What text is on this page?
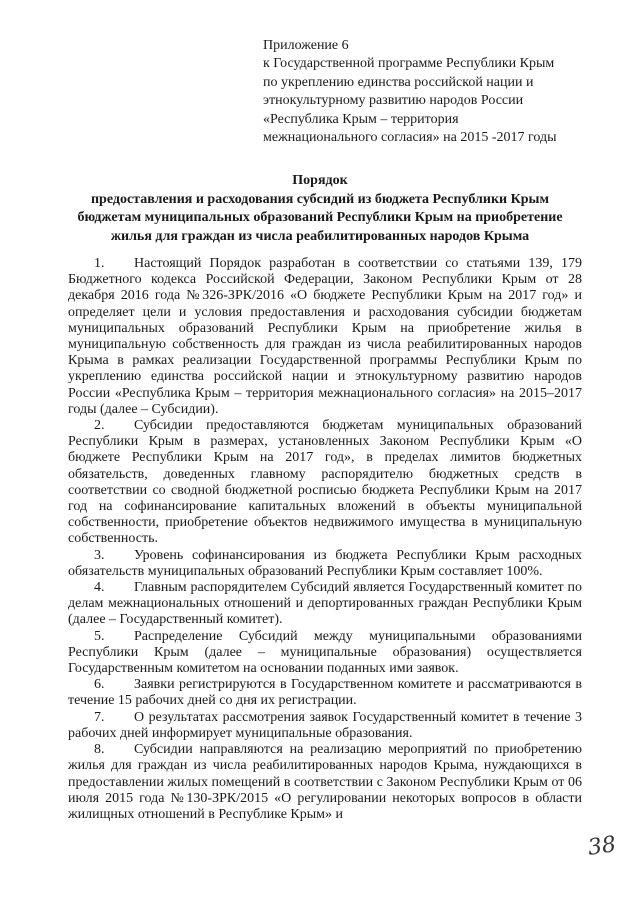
Приложение 6
к Государственной программе Республики Крым
по укреплению единства российской нации и
этнокультурному развитию народов России
«Республика Крым – территория
межнационального согласия» на 2015 -2017 годы
Порядок
предоставления и расходования субсидий из бюджета Республики Крым
бюджетам муниципальных образований Республики Крым на приобретение
жилья для граждан из числа реабилитированных народов Крыма

1. Настоящий Порядок разработан в соответствии со статьями 139, 179 Бюджетного кодекса Российской Федерации, Законом Республики Крым от 28 декабря 2016 года №326-ЗРК/2016 «О бюджете Республики Крым на 2017 год» и определяет цели и условия предоставления и расходования субсидии бюджетам муниципальных образований Республики Крым на приобретение жилья в муниципальную собственность для граждан из числа реабилитированных народов Крыма в рамках реализации Государственной программы Республики Крым по укреплению единства российской нации и этнокультурному развитию народов России «Республика Крым – территория межнационального согласия» на 2015–2017 годы (далее – Субсидии).

2. Субсидии предоставляются бюджетам муниципальных образований Республики Крым в размерах, установленных Законом Республики Крым «О бюджете Республики Крым на 2017 год», в пределах лимитов бюджетных обязательств, доведенных главному распорядителю бюджетных средств в соответствии со сводной бюджетной росписью бюджета Республики Крым на 2017 год на софинансирование капитальных вложений в объекты муниципальной собственности, приобретение объектов недвижимого имущества в муниципальную собственность.

3. Уровень софинансирования из бюджета Республики Крым расходных обязательств муниципальных образований Республики Крым составляет 100%.

4. Главным распорядителем Субсидий является Государственный комитет по делам межнациональных отношений и депортированных граждан Республики Крым (далее – Государственный комитет).

5. Распределение Субсидий между муниципальными образованиями Республики Крым (далее – муниципальные образования) осуществляется Государственным комитетом на основании поданных ими заявок.

6. Заявки регистрируются в Государственном комитете и рассматриваются в течение 15 рабочих дней со дня их регистрации.

7. О результатах рассмотрения заявок Государственный комитет в течение 3 рабочих дней информирует муниципальные образования.

8. Субсидии направляются на реализацию мероприятий по приобретению жилья для граждан из числа реабилитированных народов Крыма, нуждающихся в предоставлении жилых помещений в соответствии с Законом Республики Крым от 06 июля 2015 года №130-ЗРК/2015 «О регулировании некоторых вопросов в области жилищных отношений в Республике Крым» и

38
